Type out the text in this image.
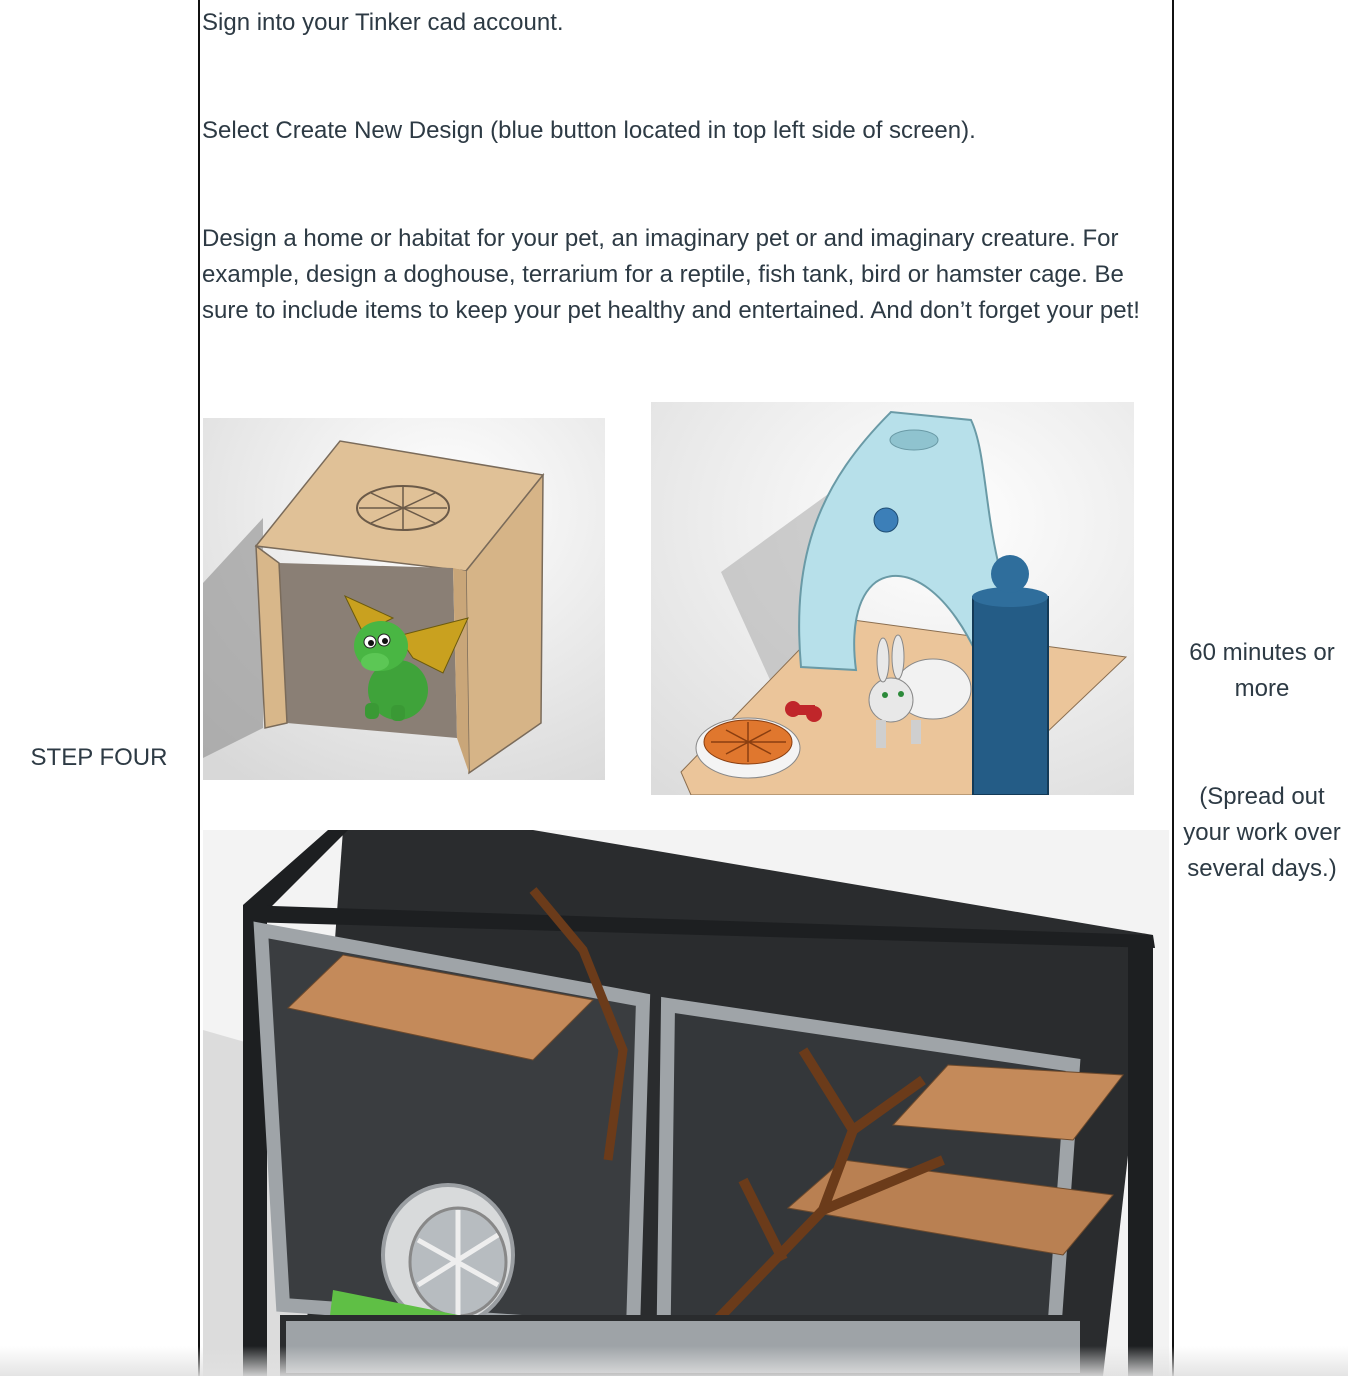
STEP FOUR

Sign into your Tinker cad account.

Select Create New Design (blue button located in top left side of screen).

Design a home or habitat for your pet, an imaginary pet or and imaginary creature. For example, design a doghouse, terrarium for a reptile, fish tank, bird or hamster cage. Be sure to include items to keep your pet healthy and entertained. And don’t forget your pet!

60 minutes or more

(Spread out your work over several days.)
